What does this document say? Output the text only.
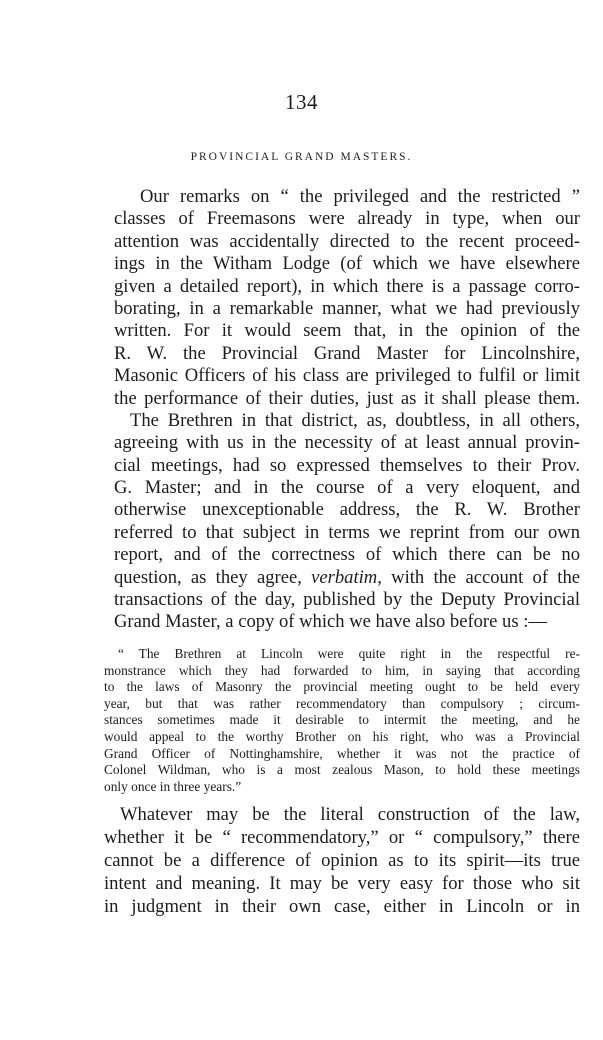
134
PROVINCIAL GRAND MASTERS.
Our remarks on “ the privileged and the restricted ”
classes of Freemasons were already in type, when our
attention was accidentally directed to the recent proceed-
ings in the Witham Lodge (of which we have elsewhere
given a detailed report), in which there is a passage corro-
borating, in a remarkable manner, what we had previously
written. For it would seem that, in the opinion of the
R. W. the Provincial Grand Master for Lincolnshire,
Masonic Officers of his class are privileged to fulfil or limit
the performance of their duties, just as it shall please them.
The Brethren in that district, as, doubtless, in all others,
agreeing with us in the necessity of at least annual provin-
cial meetings, had so expressed themselves to their Prov.
G. Master; and in the course of a very eloquent, and
otherwise unexceptionable address, the R. W. Brother
referred to that subject in terms we reprint from our own
report, and of the correctness of which there can be no
question, as they agree, verbatim, with the account of the
transactions of the day, published by the Deputy Provincial
Grand Master, a copy of which we have also before us :—
“ The Brethren at Lincoln were quite right in the respectful re-
monstrance which they had forwarded to him, in saying that according
to the laws of Masonry the provincial meeting ought to be held every
year, but that was rather recommendatory than compulsory ; circum-
stances sometimes made it desirable to intermit the meeting, and he
would appeal to the worthy Brother on his right, who was a Provincial
Grand Officer of Nottinghamshire, whether it was not the practice of
Colonel Wildman, who is a most zealous Mason, to hold these meetings
only once in three years.”
Whatever may be the literal construction of the law,
whether it be “ recommendatory,” or “ compulsory,” there
cannot be a difference of opinion as to its spirit—its true
intent and meaning. It may be very easy for those who sit
in judgment in their own case, either in Lincoln or in
